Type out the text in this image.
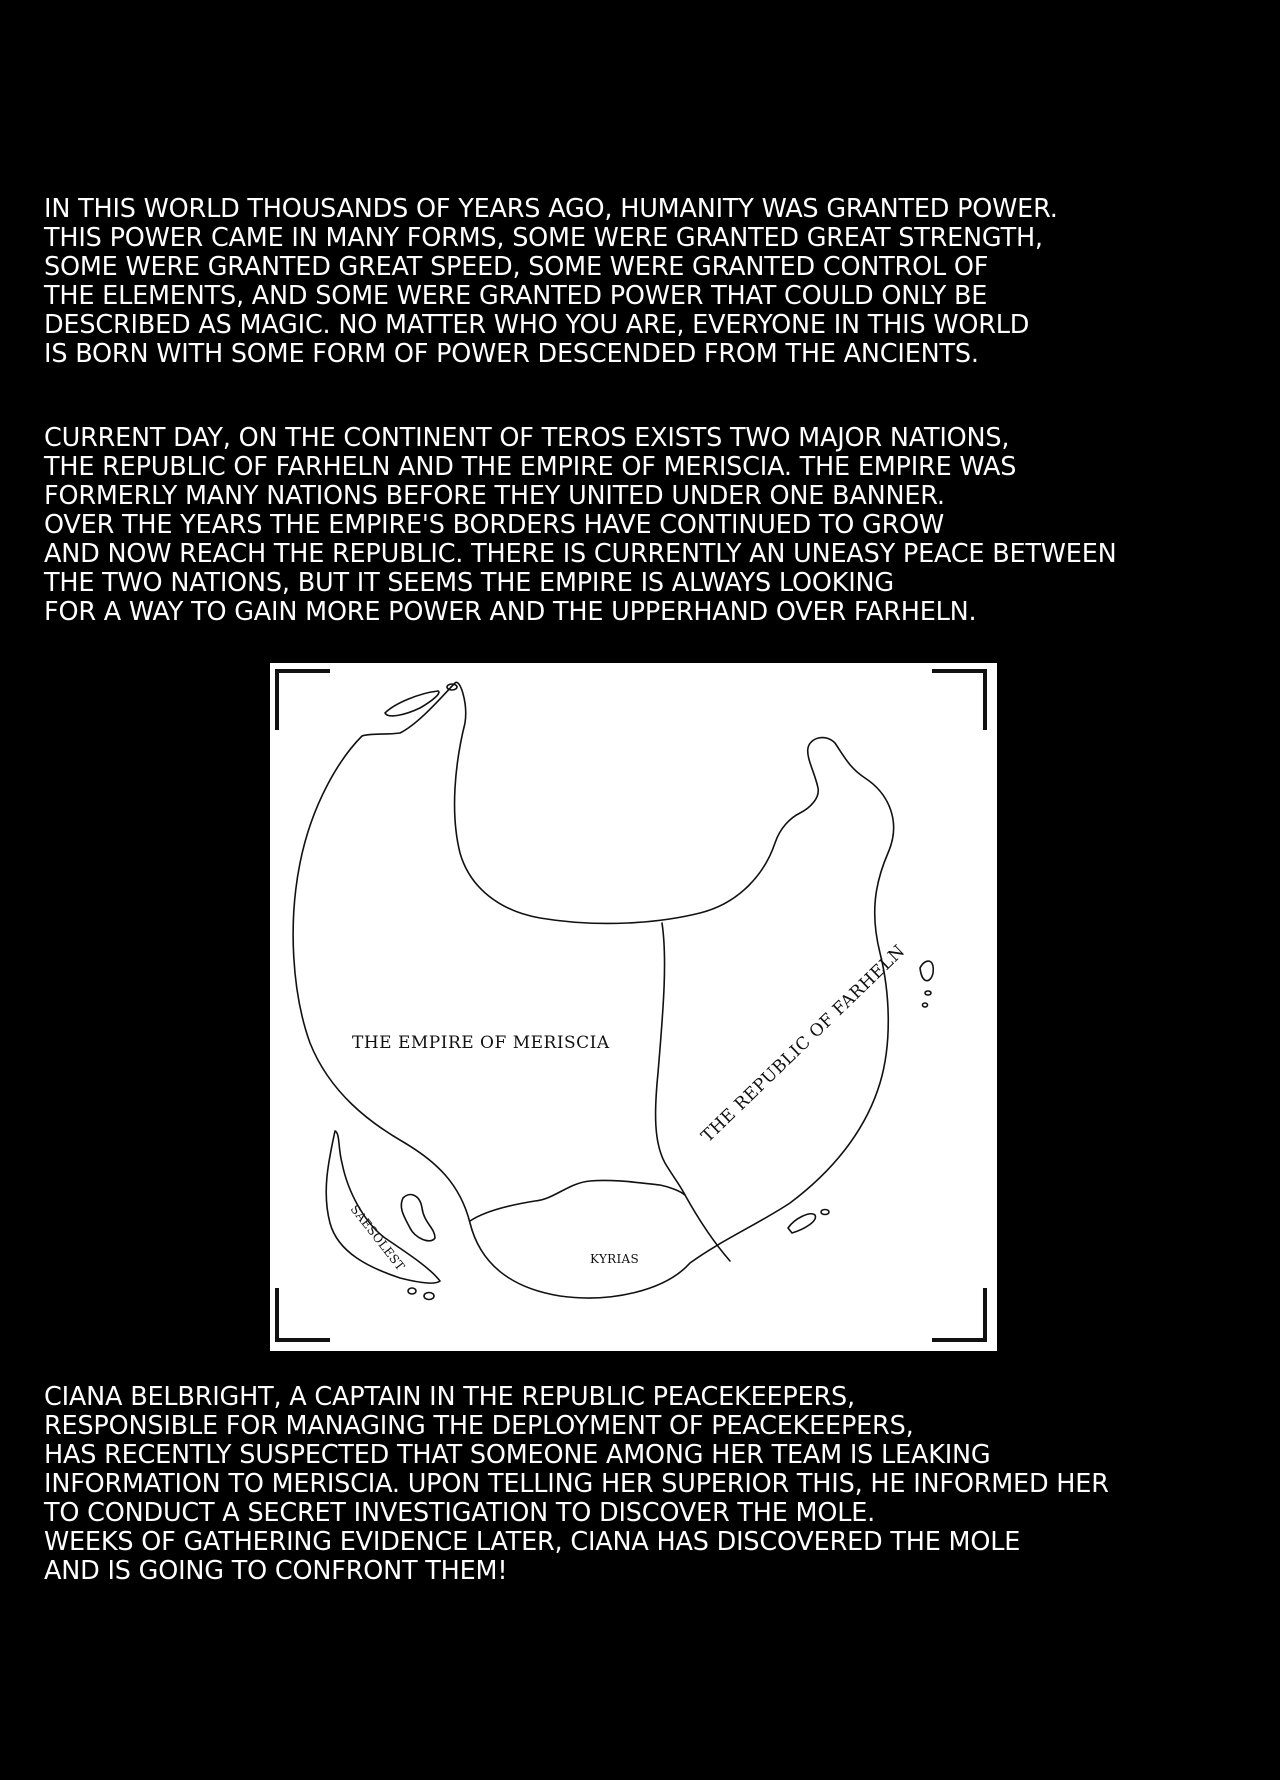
IN THIS WORLD THOUSANDS OF YEARS AGO, HUMANITY WAS GRANTED POWER.
THIS POWER CAME IN MANY FORMS, SOME WERE GRANTED GREAT STRENGTH,
SOME WERE GRANTED GREAT SPEED, SOME WERE GRANTED CONTROL OF
THE ELEMENTS, AND SOME WERE GRANTED POWER THAT COULD ONLY BE
DESCRIBED AS MAGIC. NO MATTER WHO YOU ARE, EVERYONE IN THIS WORLD
IS BORN WITH SOME FORM OF POWER DESCENDED FROM THE ANCIENTS.

CURRENT DAY, ON THE CONTINENT OF TEROS EXISTS TWO MAJOR NATIONS,
THE REPUBLIC OF FARHELN AND THE EMPIRE OF MERISCIA. THE EMPIRE WAS
FORMERLY MANY NATIONS BEFORE THEY UNITED UNDER ONE BANNER.
OVER THE YEARS THE EMPIRE'S BORDERS HAVE CONTINUED TO GROW
AND NOW REACH THE REPUBLIC. THERE IS CURRENTLY AN UNEASY PEACE BETWEEN
THE TWO NATIONS, BUT IT SEEMS THE EMPIRE IS ALWAYS LOOKING
FOR A WAY TO GAIN MORE POWER AND THE UPPERHAND OVER FARHELN.

THE EMPIRE OF MERISCIA	THE REPUBLIC OF FARHELN
KYRIAS
SAESOLEST

CIANA BELBRIGHT, A CAPTAIN IN THE REPUBLIC PEACEKEEPERS,
RESPONSIBLE FOR MANAGING THE DEPLOYMENT OF PEACEKEEPERS,
HAS RECENTLY SUSPECTED THAT SOMEONE AMONG HER TEAM IS LEAKING
INFORMATION TO MERISCIA. UPON TELLING HER SUPERIOR THIS, HE INFORMED HER
TO CONDUCT A SECRET INVESTIGATION TO DISCOVER THE MOLE.
WEEKS OF GATHERING EVIDENCE LATER, CIANA HAS DISCOVERED THE MOLE
AND IS GOING TO CONFRONT THEM!
